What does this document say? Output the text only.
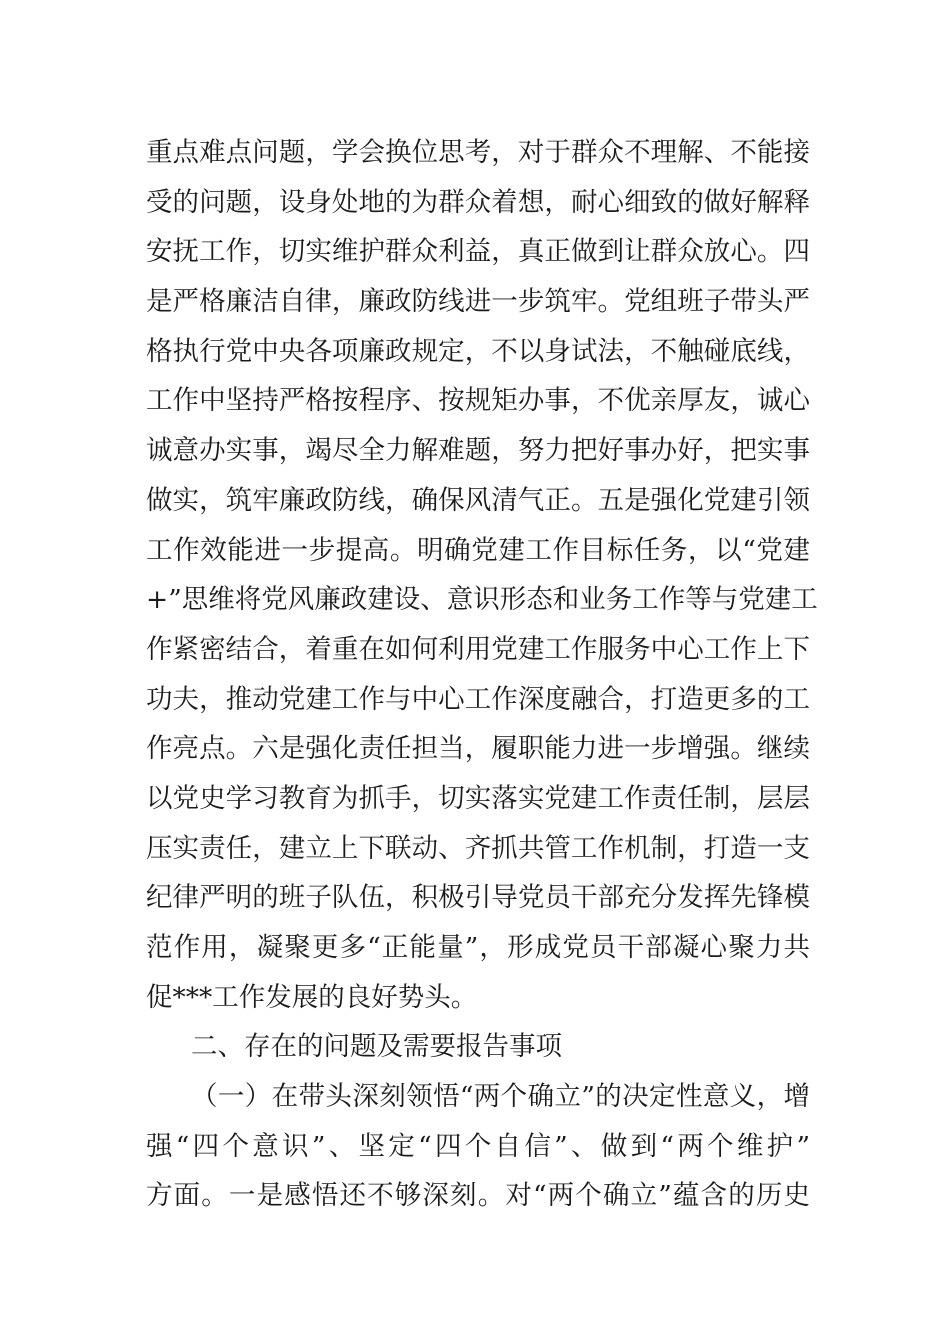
重点难点问题，学会换位思考，对于群众不理解、不能接
受的问题，设身处地的为群众着想，耐心细致的做好解释
安抚工作，切实维护群众利益，真正做到让群众放心。四
是严格廉洁自律，廉政防线进一步筑牢。党组班子带头严
格执行党中央各项廉政规定，不以身试法，不触碰底线，
工作中坚持严格按程序、按规矩办事，不优亲厚友，诚心
诚意办实事，竭尽全力解难题，努力把好事办好，把实事
做实，筑牢廉政防线，确保风清气正。五是强化党建引领
工作效能进一步提高。明确党建工作目标任务，以“党建
+”思维将党风廉政建设、意识形态和业务工作等与党建工
作紧密结合，着重在如何利用党建工作服务中心工作上下
功夫，推动党建工作与中心工作深度融合，打造更多的工
作亮点。六是强化责任担当，履职能力进一步增强。继续
以党史学习教育为抓手，切实落实党建工作责任制，层层
压实责任，建立上下联动、齐抓共管工作机制，打造一支
纪律严明的班子队伍，积极引导党员干部充分发挥先锋模
范作用，凝聚更多“正能量”，形成党员干部凝心聚力共
促***工作发展的良好势头。
二、存在的问题及需要报告事项
（一）在带头深刻领悟“两个确立”的决定性意义，增
强“四个意识”、坚定“四个自信”、做到“两个维护”
方面。一是感悟还不够深刻。对“两个确立”蕴含的历史
